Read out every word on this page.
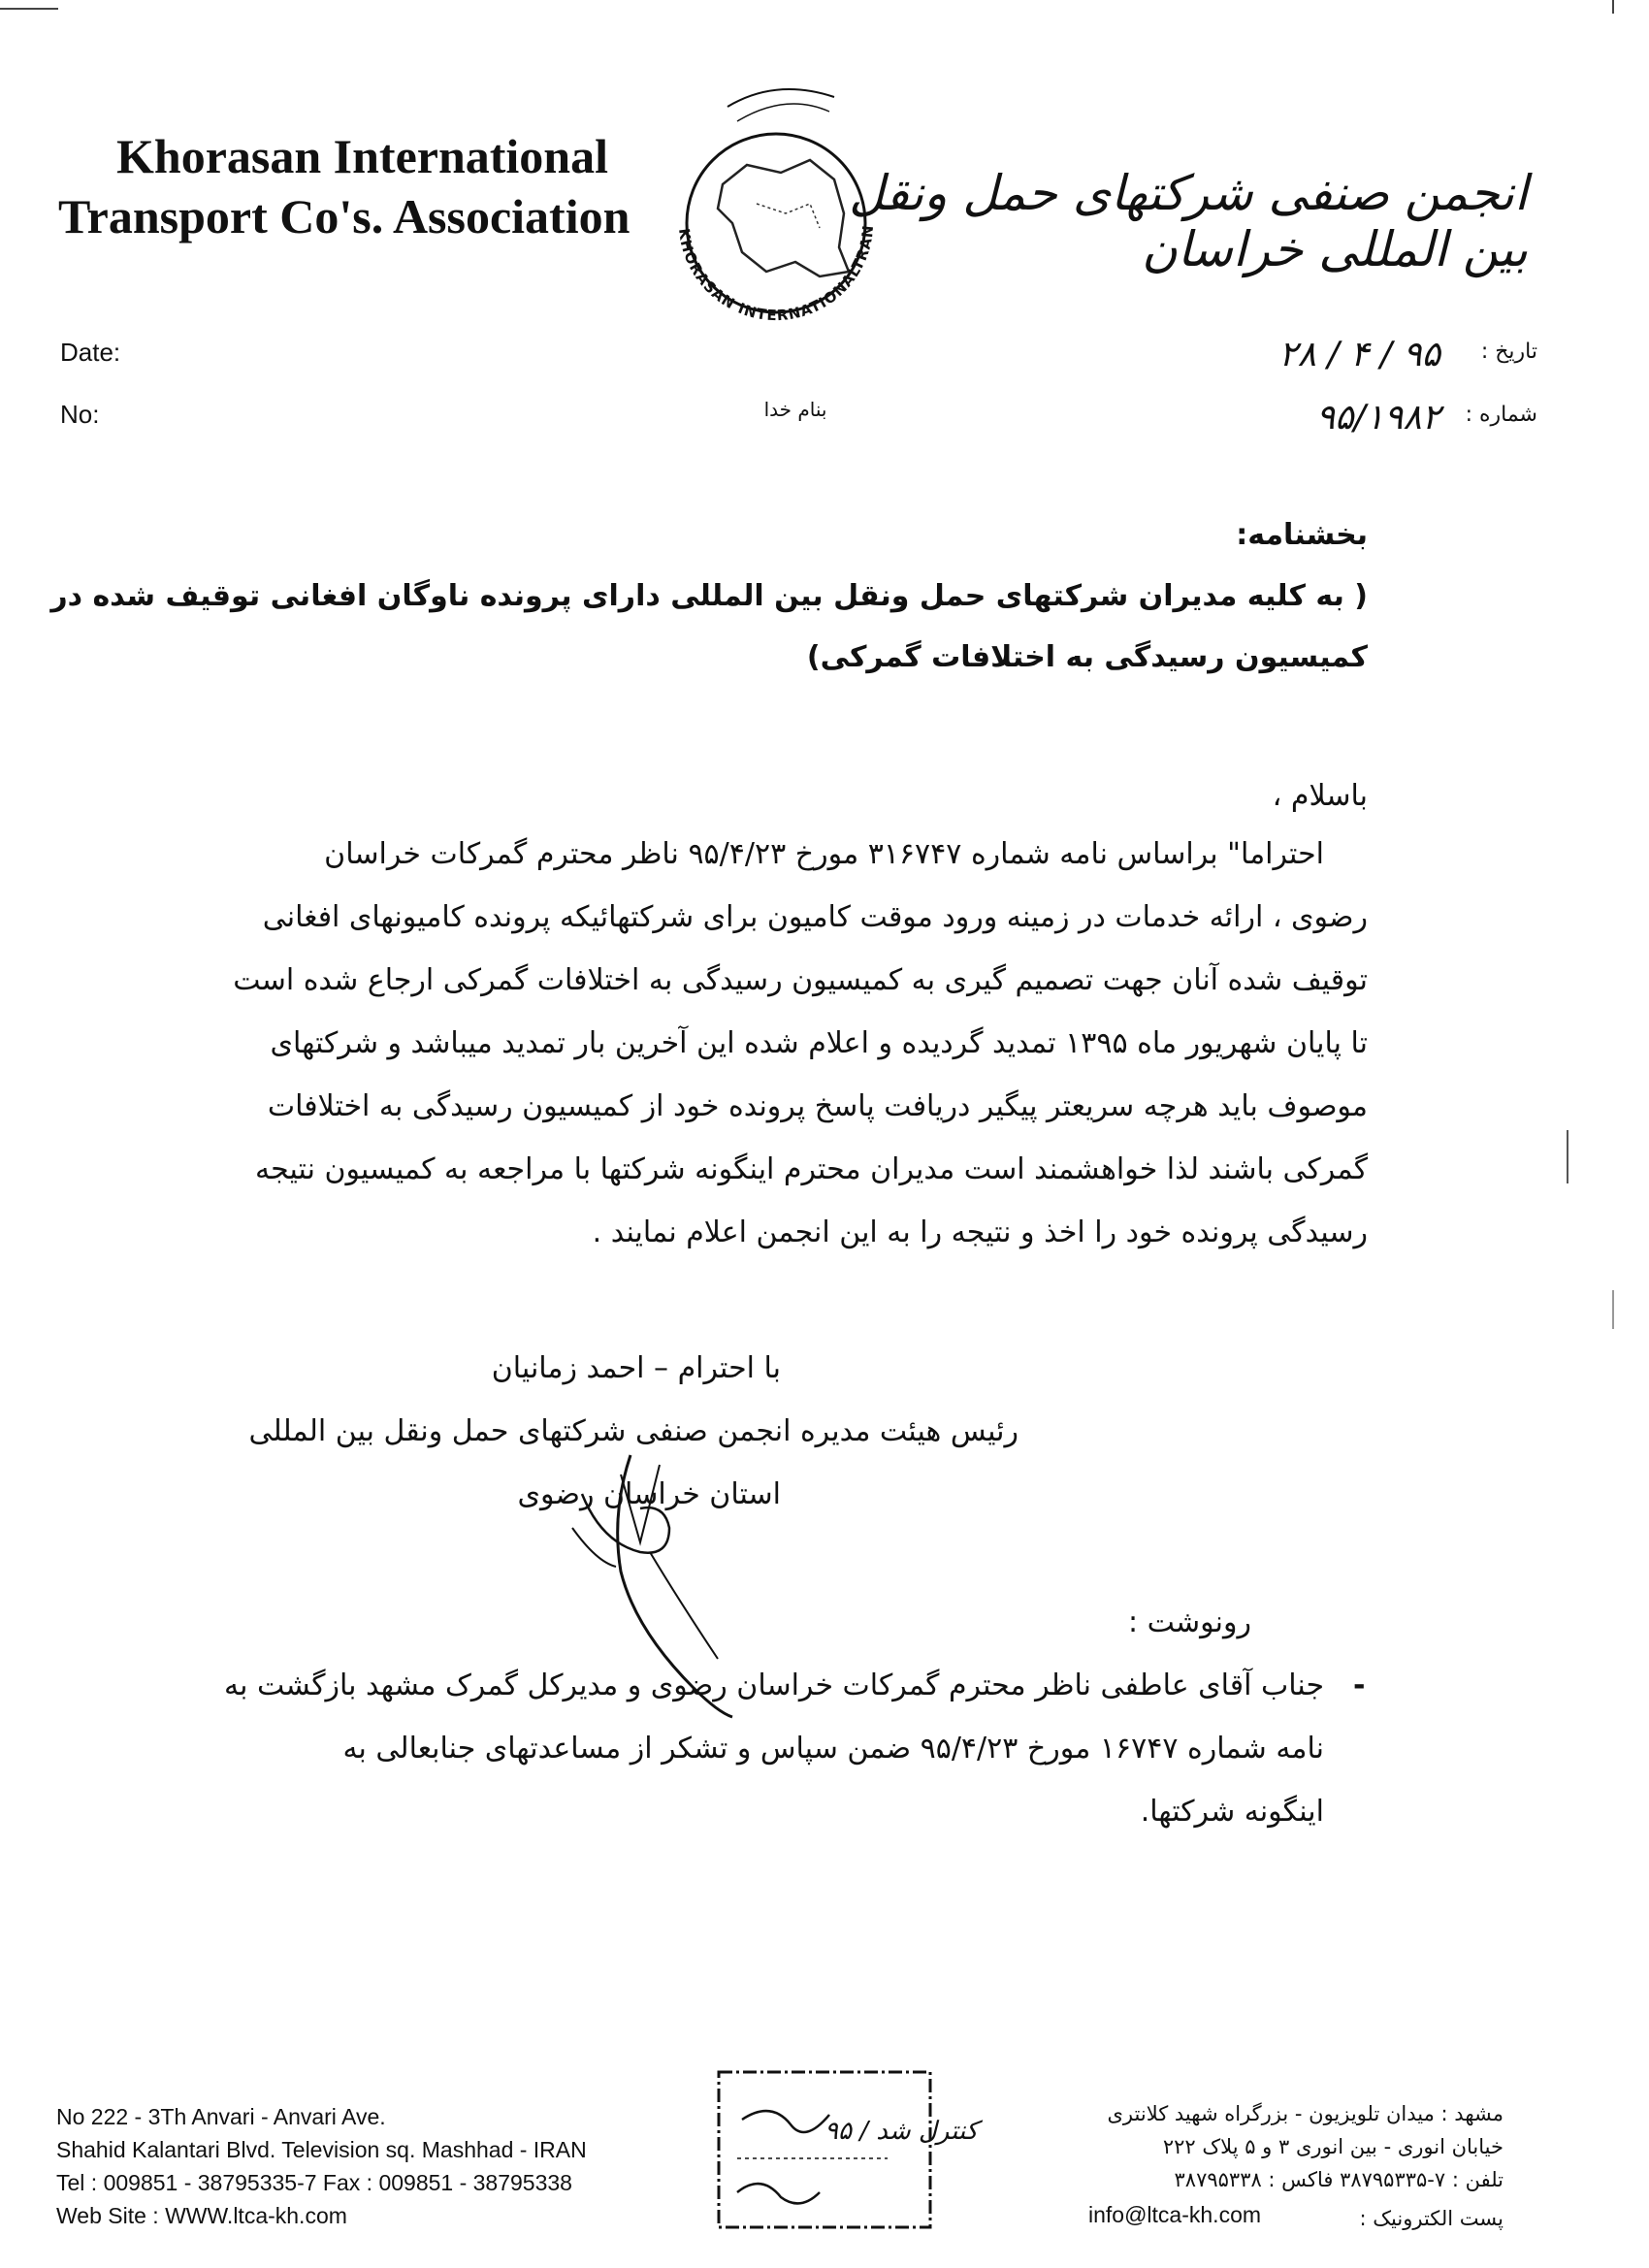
Khorasan International
Transport Co's. Association	KHORASAN INTERNATIONALTRAN
انجمن صنفی شرکتهای حمل ونقل بین المللی خراسان
Date:
No:	بنام خدا
تاریخ :
شماره :
۹۵ / ۴ / ۲۸
۹۵/۱۹۸۲
بخشنامه:
( به کلیه مدیران شرکتهای حمل ونقل بین المللی دارای پرونده ناوگان افغانی توقیف شده در
کمیسیون رسیدگی به اختلافات گمرکی)
باسلام ،
احتراما" براساس نامه شماره ۳۱۶۷۴۷ مورخ ۹۵/۴/۲۳ ناظر محترم گمرکات خراسان
رضوی ، ارائه خدمات در زمینه ورود موقت کامیون برای شرکتهائیکه پرونده کامیونهای افغانی
توقیف شده آنان جهت تصمیم گیری به کمیسیون رسیدگی به اختلافات گمرکی ارجاع شده است
تا پایان شهریور ماه ۱۳۹۵ تمدید گردیده و اعلام شده این آخرین بار تمدید میباشد و شرکتهای
موصوف باید هرچه سریعتر پیگیر دریافت پاسخ پرونده خود از کمیسیون رسیدگی به اختلافات
گمرکی باشند لذا خواهشمند است مدیران محترم اینگونه شرکتها با مراجعه به کمیسیون نتیجه
رسیدگی پرونده خود را اخذ و نتیجه را به این انجمن اعلام نمایند .
با احترام – احمد زمانیان
رئیس هیئت مدیره انجمن صنفی شرکتهای حمل ونقل بین المللی
استان خراسان رضوی
رونوشت :
-
جناب آقای عاطفی ناظر محترم گمرکات خراسان رضوی و مدیرکل گمرک مشهد بازگشت به
نامه شماره ۱۶۷۴۷ مورخ ۹۵/۴/۲۳ ضمن سپاس و تشکر از مساعدتهای جنابعالی به
اینگونه شرکتها.
No 222 - 3Th Anvari - Anvari Ave.
Shahid Kalantari Blvd. Television sq. Mashhad - IRAN
Tel : 009851 - 38795335-7 Fax : 009851 - 38795338
Web Site : WWW.ltca-kh.com
۹۵ / کنترل شد
مشهد : میدان تلویزیون - بزرگراه شهید کلانتری
خیابان انوری - بین انوری ۳ و ۵ پلاک ۲۲۲
تلفن : ۷-۳۸۷۹۵۳۳۵ فاکس : ۳۸۷۹۵۳۳۸
info@ltca-kh.com	پست الکترونیک :
